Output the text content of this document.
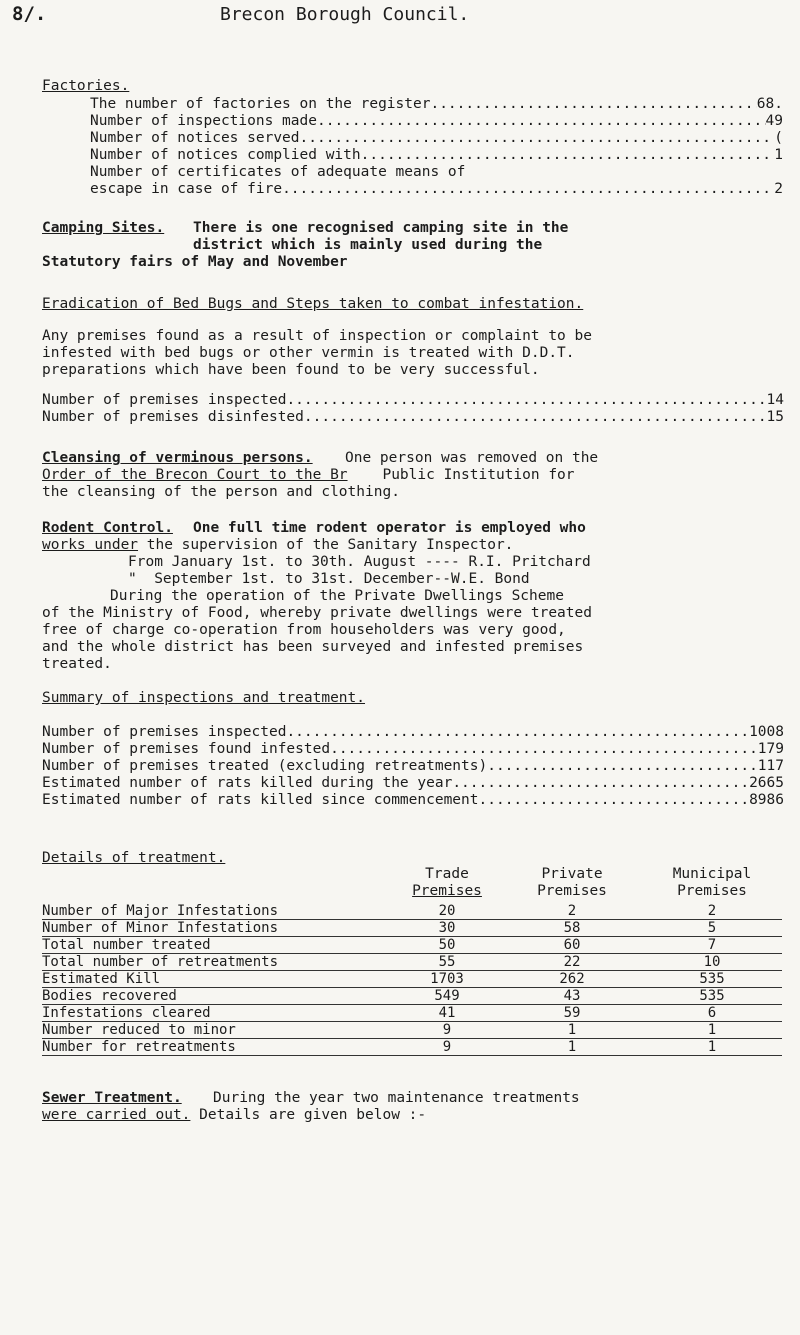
8/.	Brecon Borough Council.
Factories.
The number of factories on the register .....	68.
Number of inspections made .....	49
Number of notices served .....	(
Number of notices complied with .....	1
Number of certificates of adequate means of
escape in case of fire .....	2
Camping Sites. There is one recognised camping site in the
district which is mainly used during the
Statutory fairs of May and November
Eradication of Bed Bugs and Steps taken to combat infestation.
Any premises found as a result of inspection or complaint to be
infested with bed bugs or other vermin is treated with D.D.T.
preparations which have been found to be very successful.
Number of premises inspected .....	14
Number of premises disinfested .....	15
Cleansing of verminous persons. One person was removed on the
Order of the Brecon Court to the Br    Public Institution for
the cleansing of the person and clothing.
Rodent Control. One full time rodent operator is employed who
works under the supervision of the Sanitary Inspector.
From January 1st. to 30th. August ---- R.I. Pritchard
"  September 1st. to 31st. December--W.E. Bond
During the operation of the Private Dwellings Scheme
of the Ministry of Food, whereby private dwellings were treated
free of charge co-operation from householders was very good,
and the whole district has been surveyed and infested premises
treated.
Summary of inspections and treatment.
Number of premises inspected .....	1008
Number of premises found infested .....	179
Number of premises treated (excluding retreatments) .....	117
Estimated number of rats killed during the year .....	2665
Estimated number of rats killed since commencement .....	8986
Details of treatment.
Trade
Premises
Private
Premises
Municipal
Premises
Number of Major Infestations	20	2	2
Number of Minor Infestations	30	58	5
Total number treated	50	60	7
Total number of retreatments	55	22	10
Estimated Kill	1703	262	535
Bodies recovered	549	43	535
Infestations cleared	41	59	6
Number reduced to minor	9	1	1
Number for retreatments	9	1	1
Sewer Treatment. During the year two maintenance treatments
were carried out. Details are given below :-
